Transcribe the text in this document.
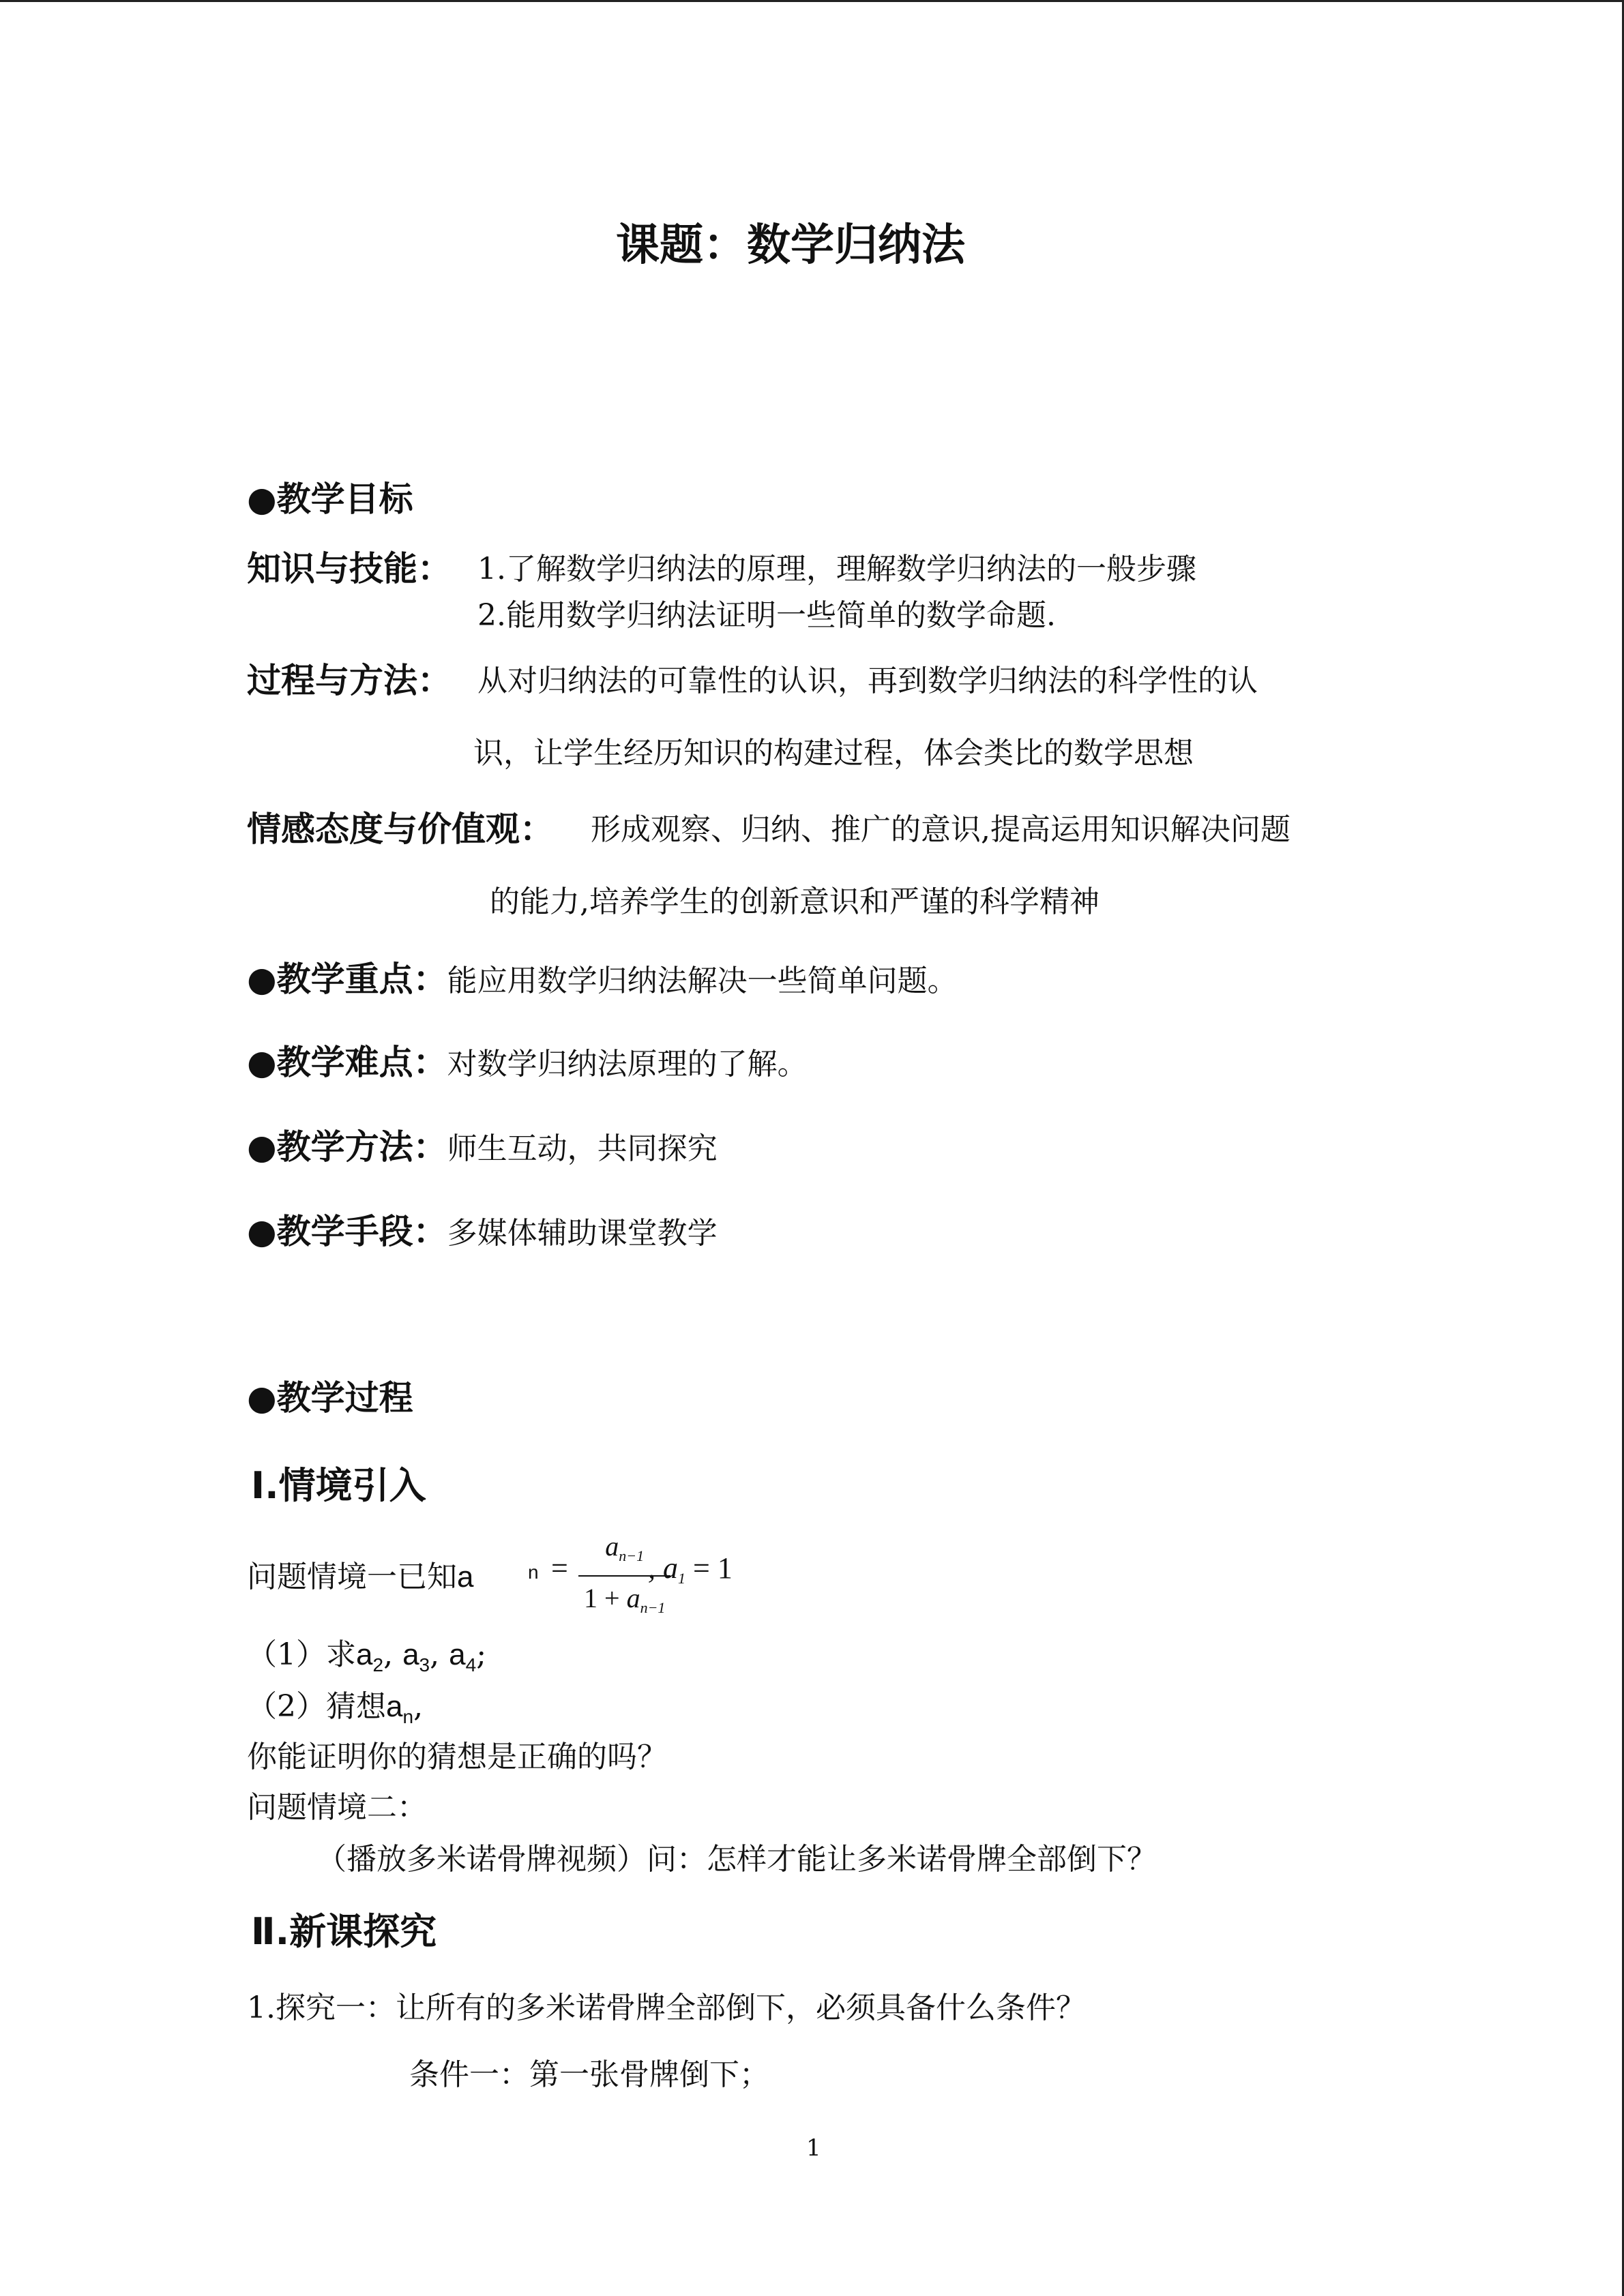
课题：数学归纳法
●教学目标
知识与技能： 1.了解数学归纳法的原理，理解数学归纳法的一般步骤
2.能用数学归纳法证明一些简单的数学命题.
过程与方法： 从对归纳法的可靠性的认识，再到数学归纳法的科学性的认
识，让学生经历知识的构建过程，体会类比的数学思想
情感态度与价值观： 形成观察、归纳、推广的意识,提高运用知识解决问题
的能力,培养学生的创新意识和严谨的科学精神
●教学重点：能应用数学归纳法解决一些简单问题。
●教学难点：对数学归纳法原理的了解。
●教学方法：师生互动，共同探究
●教学手段：多媒体辅助课堂教学
●教学过程
Ⅰ.情境引入
问题情境一已知a	n =
$a_{n-1}$
$1 + a_{n-1}$
, a1 = 1
（1）求$a_2$, $a_3$, $a_4$;
（2）猜想$a_n$,
你能证明你的猜想是正确的吗？
问题情境二：
（播放多米诺骨牌视频）问：怎样才能让多米诺骨牌全部倒下？
Ⅱ.新课探究
1.探究一：让所有的多米诺骨牌全部倒下，必须具备什么条件？
条件一：第一张骨牌倒下；
1
